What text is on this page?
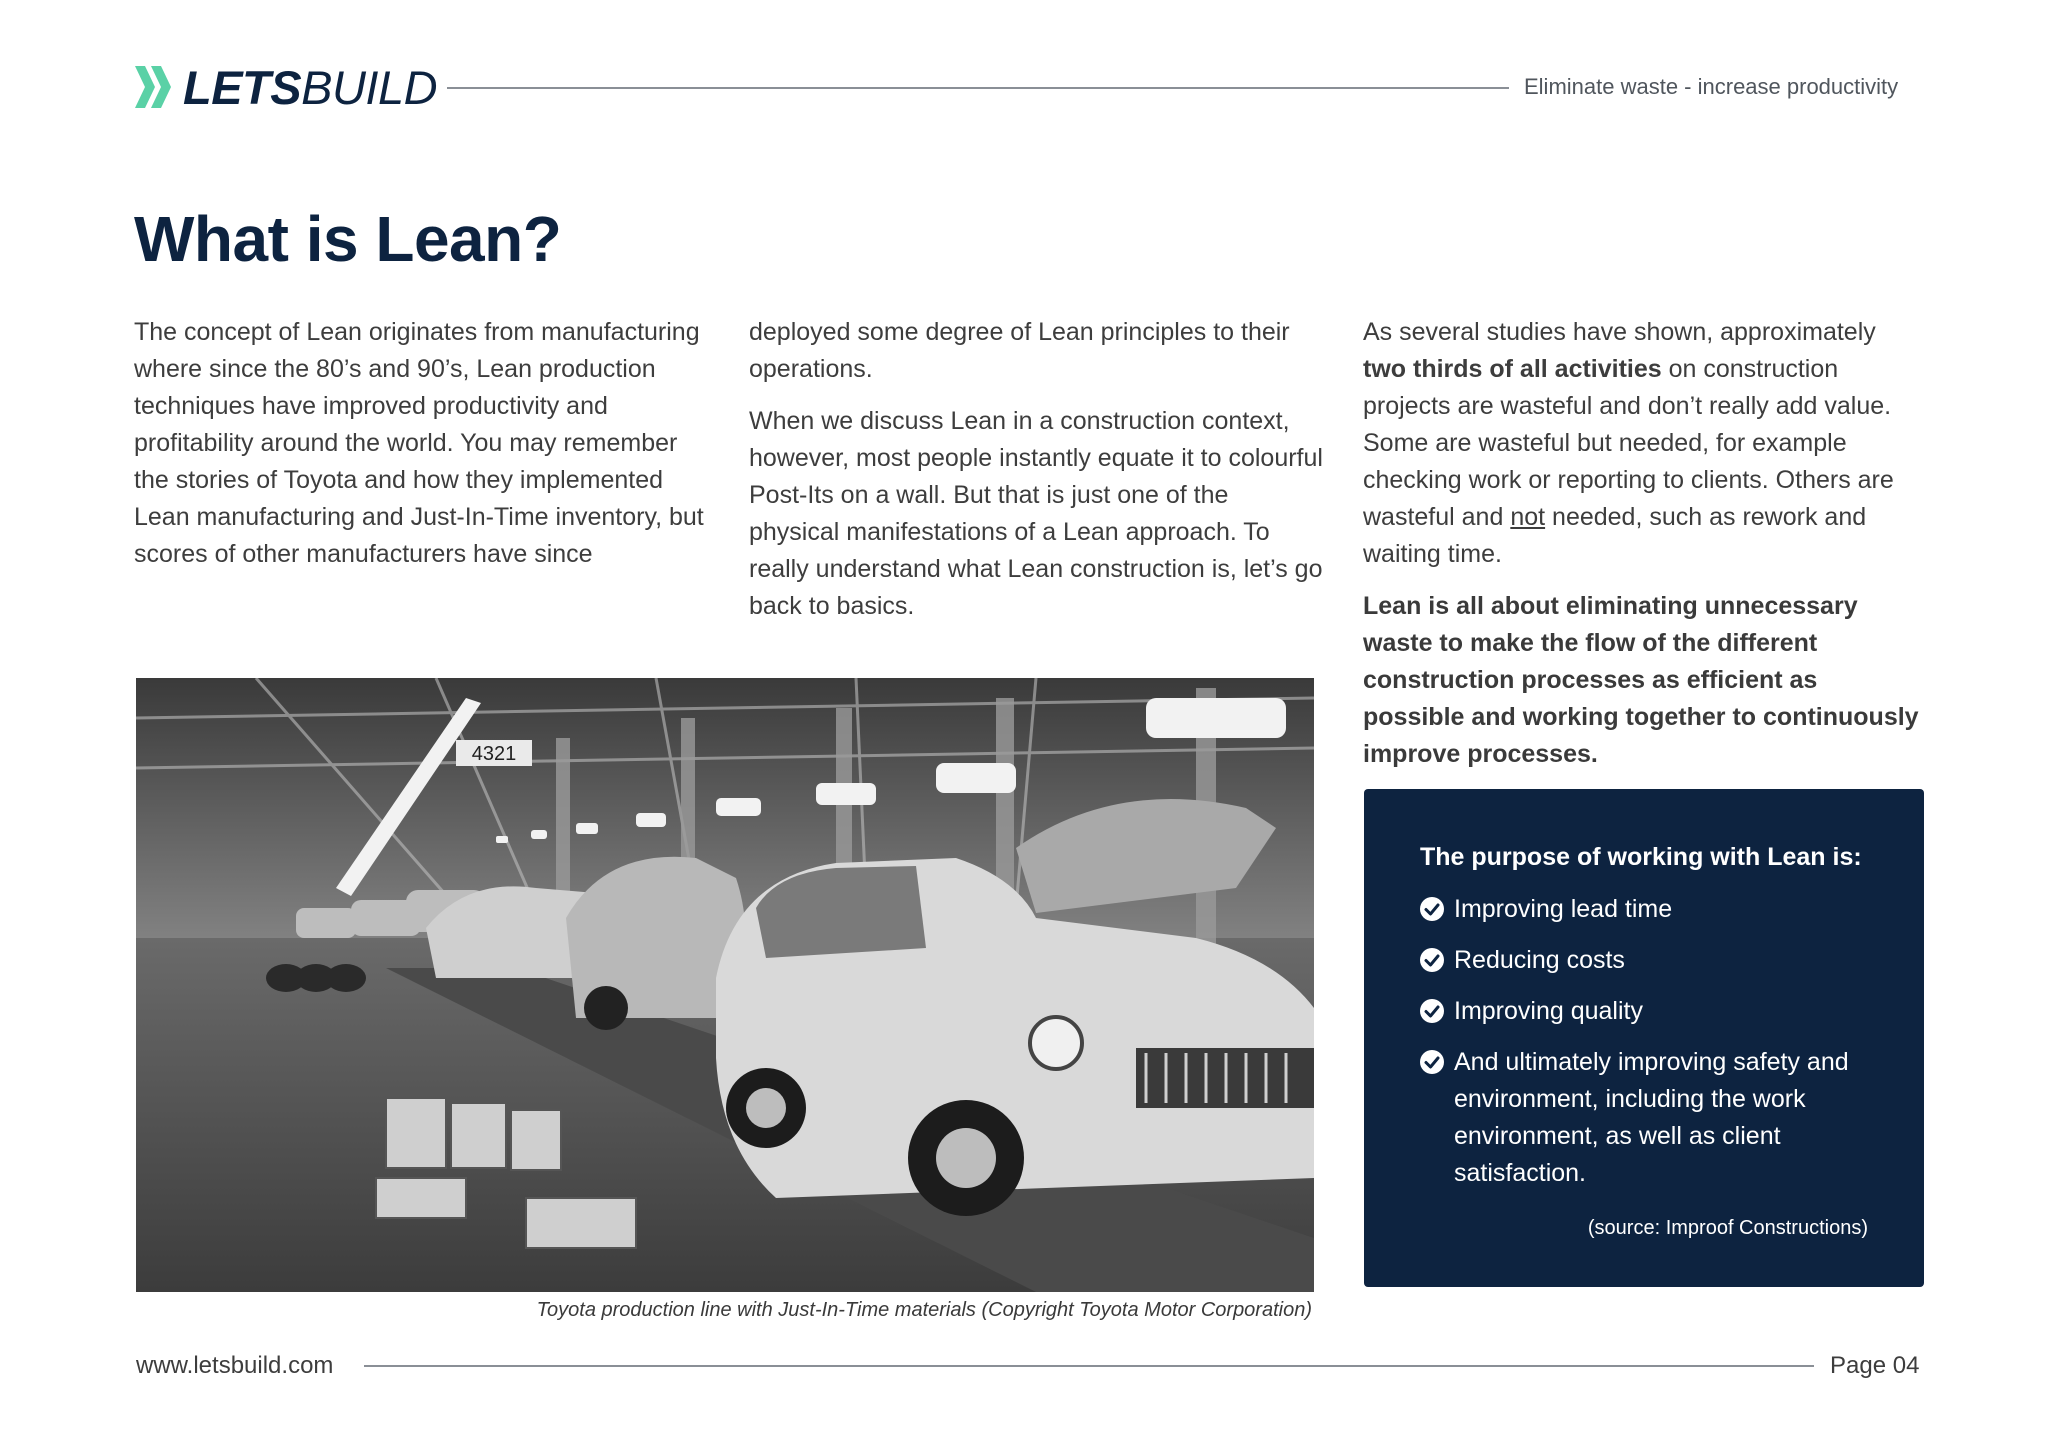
LETSBUILD	Eliminate waste - increase productivity
What is Lean?

The concept of Lean originates from manufacturing where since the 80’s and 90’s, Lean production techniques have improved productivity and profitability around the world. You may remember the stories of Toyota and how they implemented Lean manufacturing and Just-In-Time inventory, but scores of other manufacturers have since

deployed some degree of Lean principles to their operations.

When we discuss Lean in a construction context, however, most people instantly equate it to colourful Post-Its on a wall. But that is just one of the physical manifestations of a Lean approach. To really understand what Lean construction is, let’s go back to basics.

As several studies have shown, approximately two thirds of all activities on construction projects are wasteful and don’t really add value. Some are wasteful but needed, for example checking work or reporting to clients. Others are wasteful and not needed, such as rework and waiting time.

Lean is all about eliminating unnecessary waste to make the flow of the different construction processes as efficient as possible and working together to continuously improve processes.

4321
Toyota production line with Just-In-Time materials (Copyright Toyota Motor Corporation)
The purpose of working with Lean is:
Improving lead time
Reducing costs
Improving quality
And ultimately improving safety and environment, including the work environment, as well as client satisfaction.
(source: Improof Constructions)
www.letsbuild.com	Page 04
